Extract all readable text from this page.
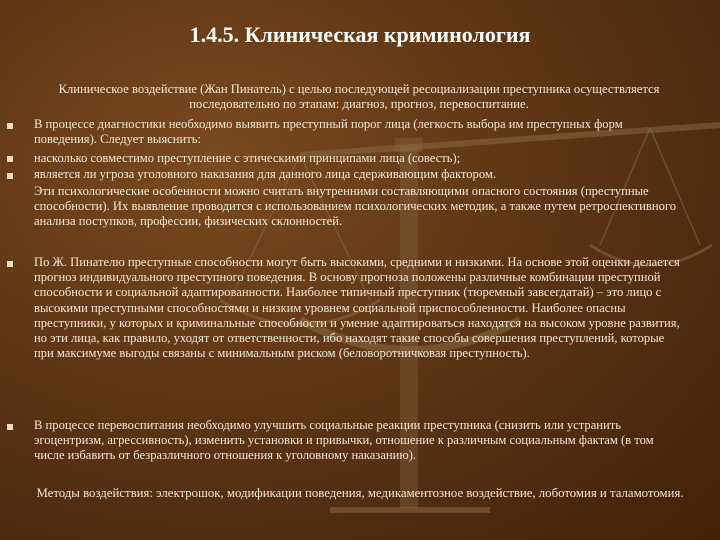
1.4.5. Клиническая криминология
Клиническое воздействие (Жан Пинатель) с целью последующей ресоциализации преступника осуществляется последовательно по этапам: диагноз, прогноз, перевоспитание.
В процессе диагностики необходимо выявить преступный порог лица (легкость выбора им преступных форм поведения). Следует выяснить:
насколько совместимо преступление с этическими принципами лица (совесть);
является ли угроза уголовного наказания для данного лица сдерживающим фактором.
Эти психологические особенности можно считать внутренними составляющими опасного состояния (преступные способности). Их выявление проводится с использованием психологических методик, а также путем ретроспективного анализа поступков, профессии, физических склонностей.
По Ж. Пинателю преступные способности могут быть высокими, средними и низкими. На основе этой оценки делается прогноз индивидуального преступного поведения. В основу прогноза положены различные комбинации преступной способности и социальной адаптированности. Наиболее типичный преступник (тюремный завсегдатай) – это лицо с высокими преступными способностями и низким уровнем социальной приспособленности. Наиболее опасны преступники, у которых и криминальные способности и умение адаптироваться находятся на высоком уровне развития, но эти лица, как правило, уходят от ответственности, ибо находят такие способы совершения преступлений, которые при максимуме выгоды связаны с минимальным риском (беловоротничковая преступность).
В процессе перевоспитания необходимо улучшить социальные реакции преступника (снизить или устранить эгоцентризм, агрессивность), изменить установки и привычки, отношение к различным социальным фактам (в том числе избавить от безразличного отношения к уголовному наказанию).
Методы воздействия: электрошок, модификации поведения, медикаментозное воздействие, лоботомия и таламотомия.
